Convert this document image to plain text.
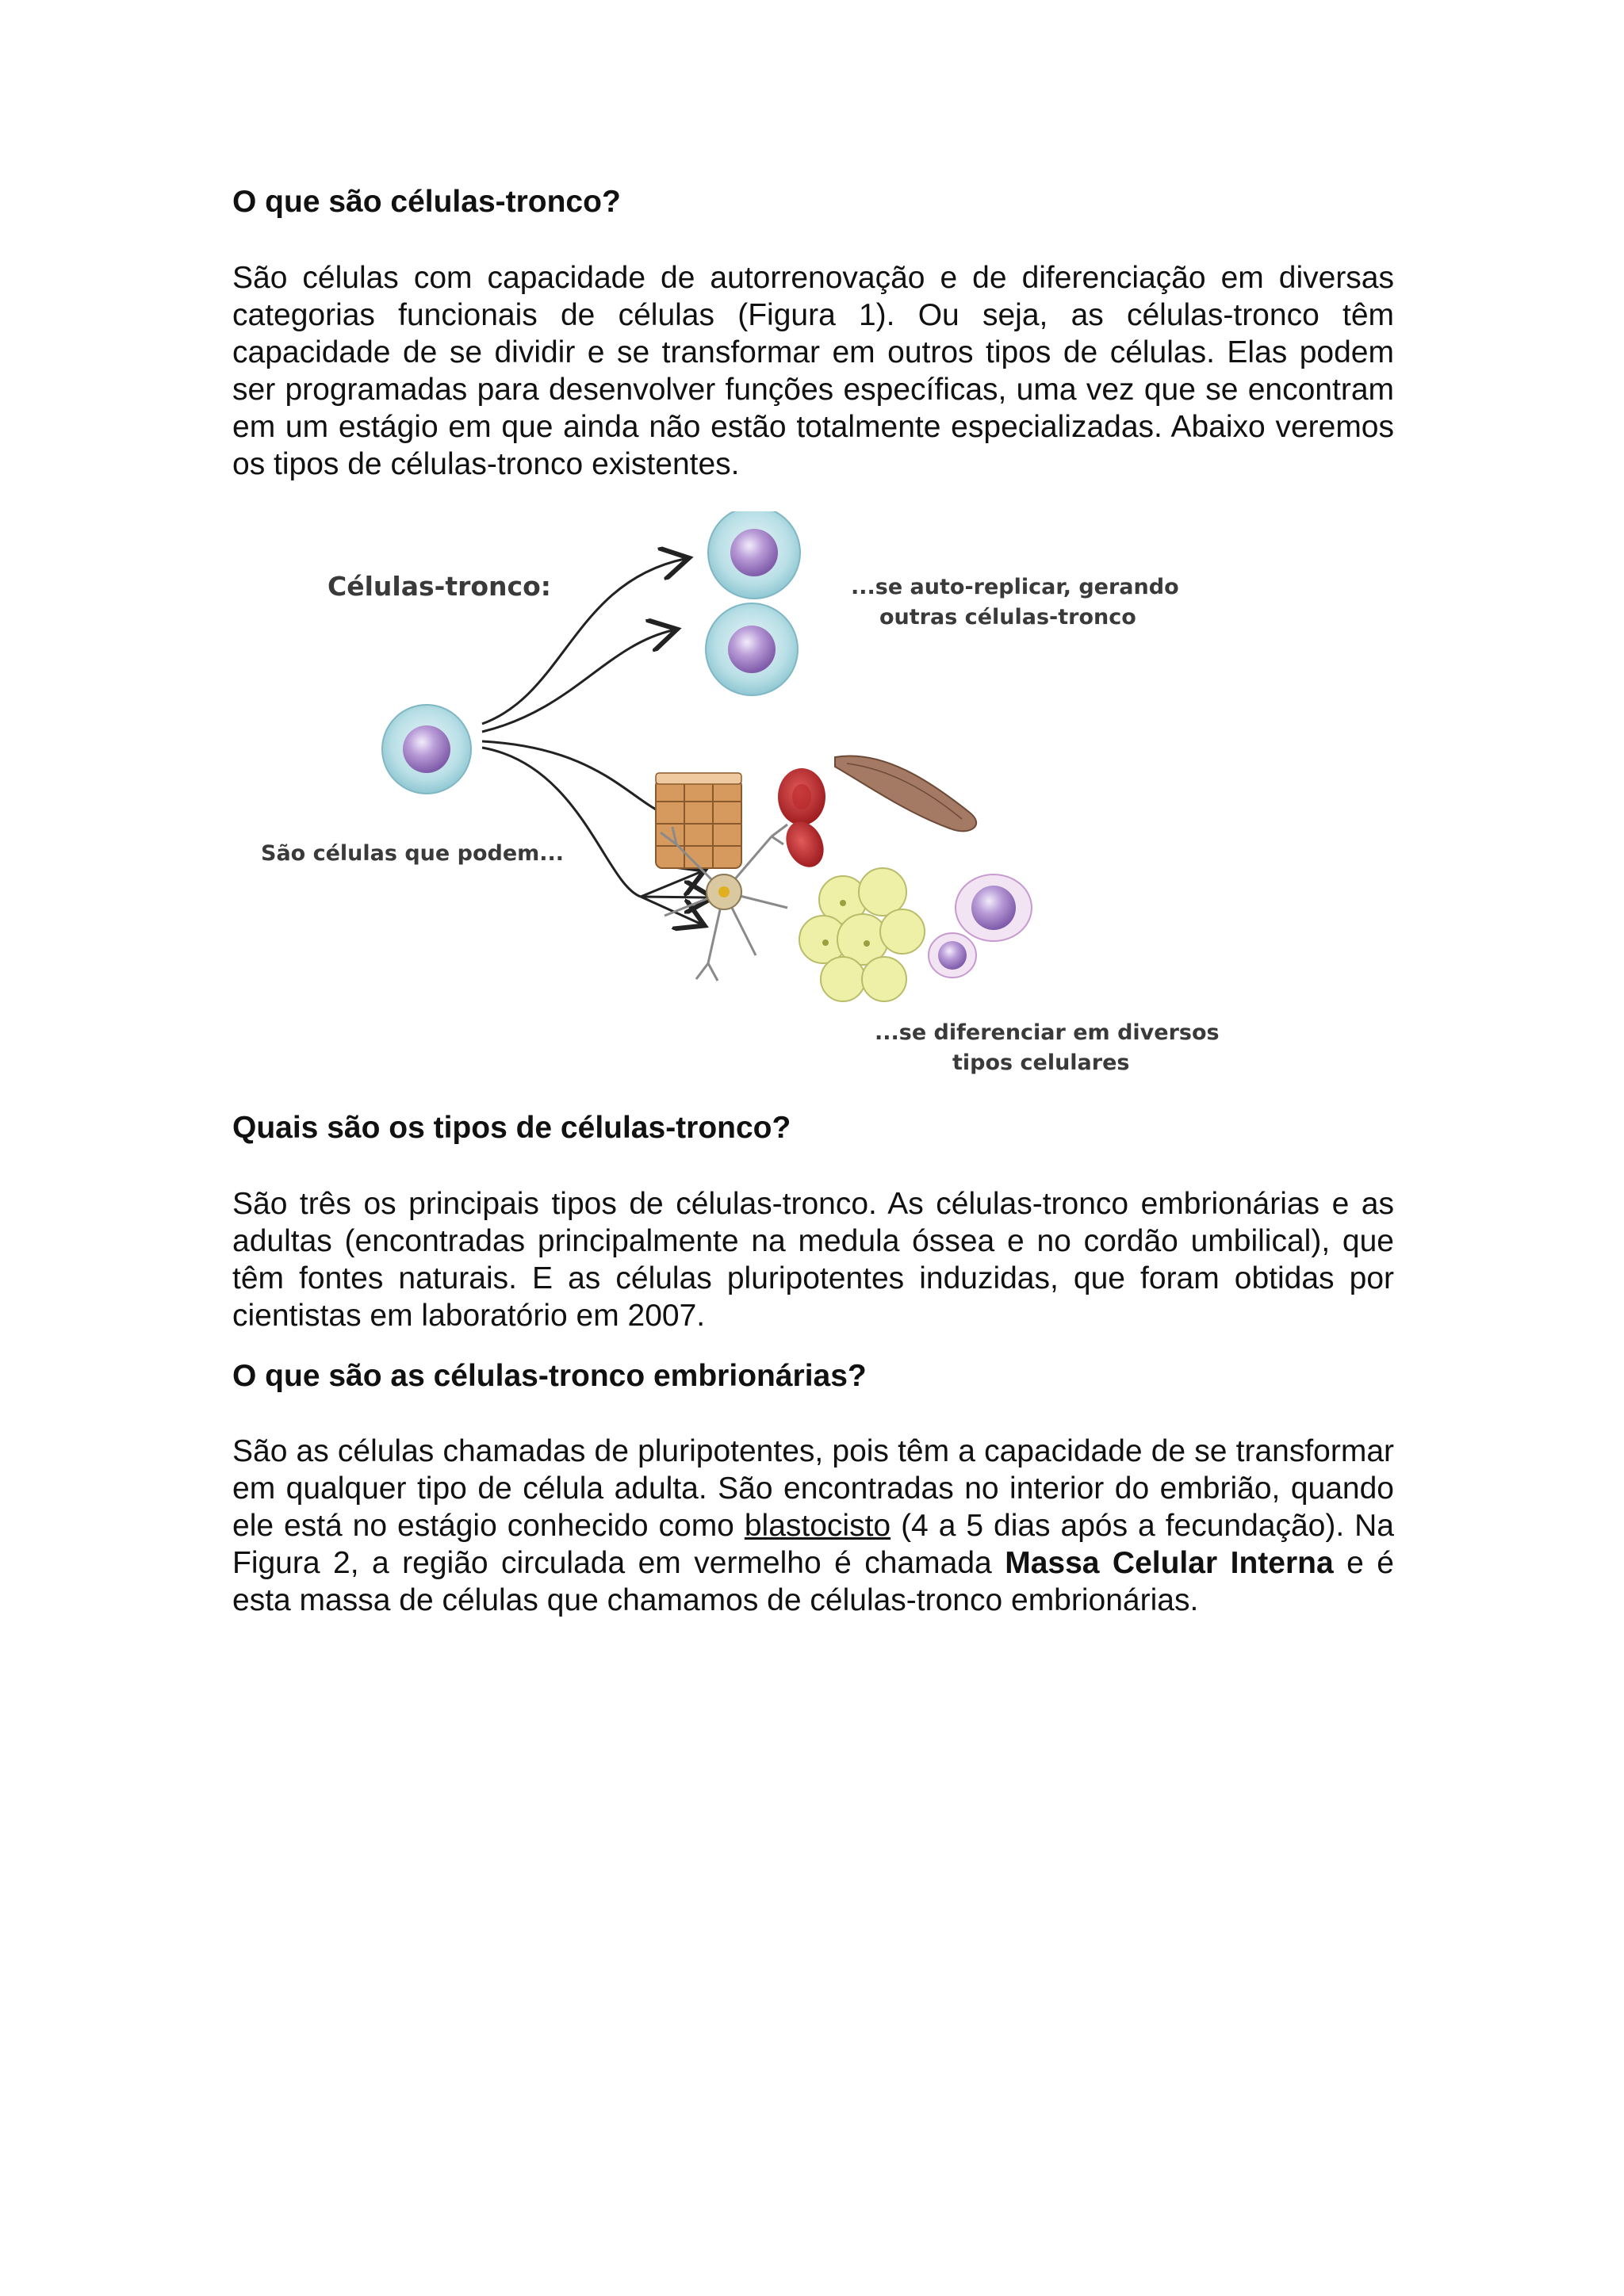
O que são células-tronco?

São células com capacidade de autorrenovação e de diferenciação em diversas categorias funcionais de células (Figura 1). Ou seja, as células-tronco têm capacidade de se dividir e se transformar em outros tipos de células. Elas podem ser programadas para desenvolver funções específicas, uma vez que se encontram em um estágio em que ainda não estão totalmente especializadas. Abaixo veremos os tipos de células-tronco existentes.

Células-tronco:
São células que podem...
...se auto-replicar, gerando
outras células-tronco
...se diferenciar em diversos
tipos celulares
Quais são os tipos de células-tronco?

São três os principais tipos de células-tronco. As células-tronco embrionárias e as adultas (encontradas principalmente na medula óssea e no cordão umbilical), que têm fontes naturais. E as células pluripotentes induzidas, que foram obtidas por cientistas em laboratório em 2007.

O que são as células-tronco embrionárias?

São as células chamadas de pluripotentes, pois têm a capacidade de se transformar em qualquer tipo de célula adulta. São encontradas no interior do embrião, quando ele está no estágio conhecido como blastocisto (4 a 5 dias após a fecundação). Na Figura 2, a região circulada em vermelho é chamada Massa Celular Interna e é esta massa de células que chamamos de células-tronco embrionárias.
